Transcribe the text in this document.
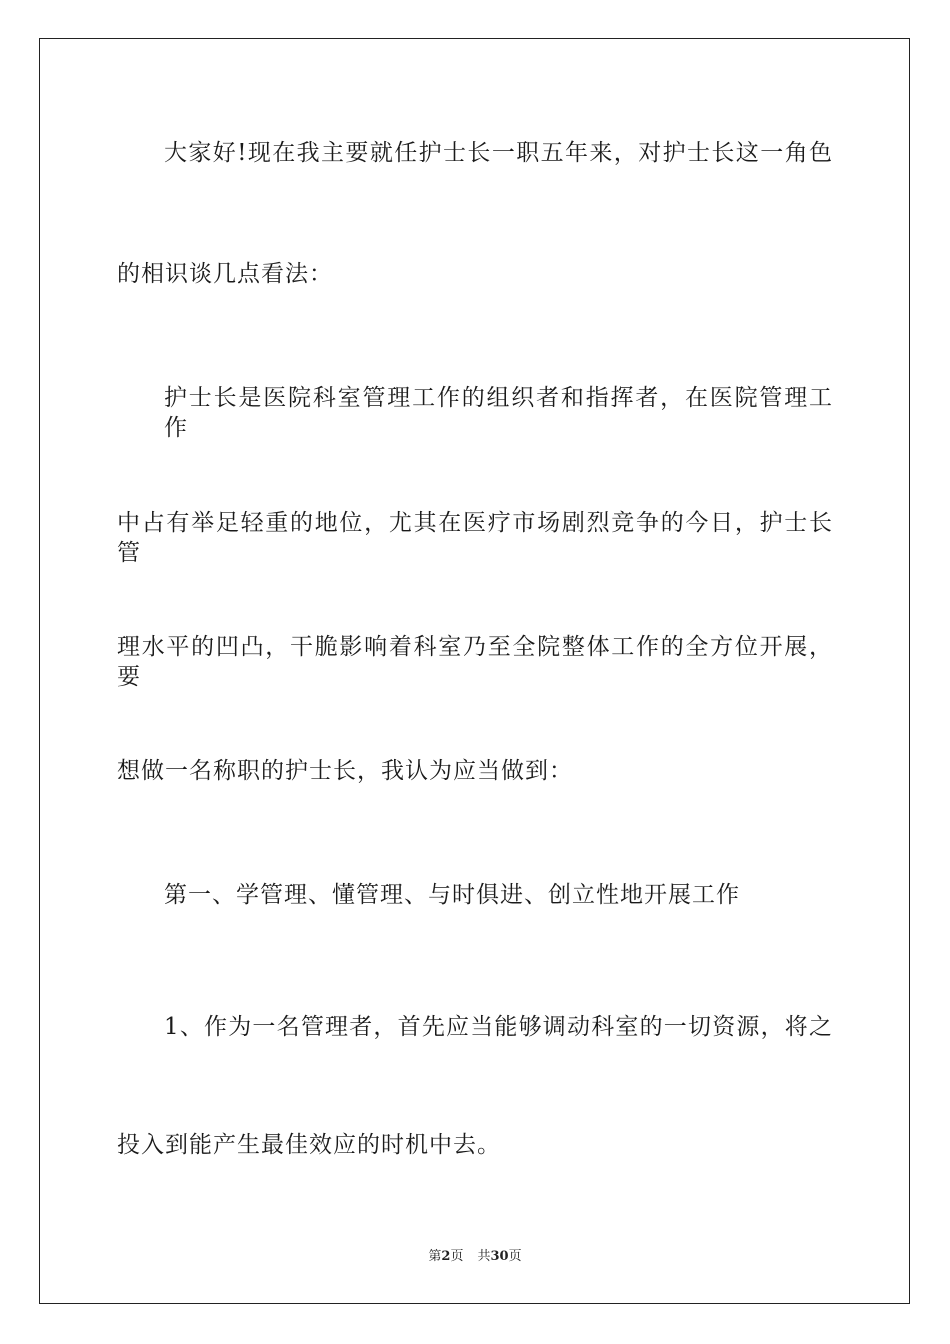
大家好!现在我主要就任护士长一职五年来，对护士长这一角色
的相识谈几点看法：
护士长是医院科室管理工作的组织者和指挥者，在医院管理工作
中占有举足轻重的地位，尤其在医疗市场剧烈竞争的今日，护士长管
理水平的凹凸，干脆影响着科室乃至全院整体工作的全方位开展，要
想做一名称职的护士长，我认为应当做到：
第一、学管理、懂管理、与时俱进、创立性地开展工作
1、作为一名管理者，首先应当能够调动科室的一切资源，将之
投入到能产生最佳效应的时机中去。
第2页 共30页
